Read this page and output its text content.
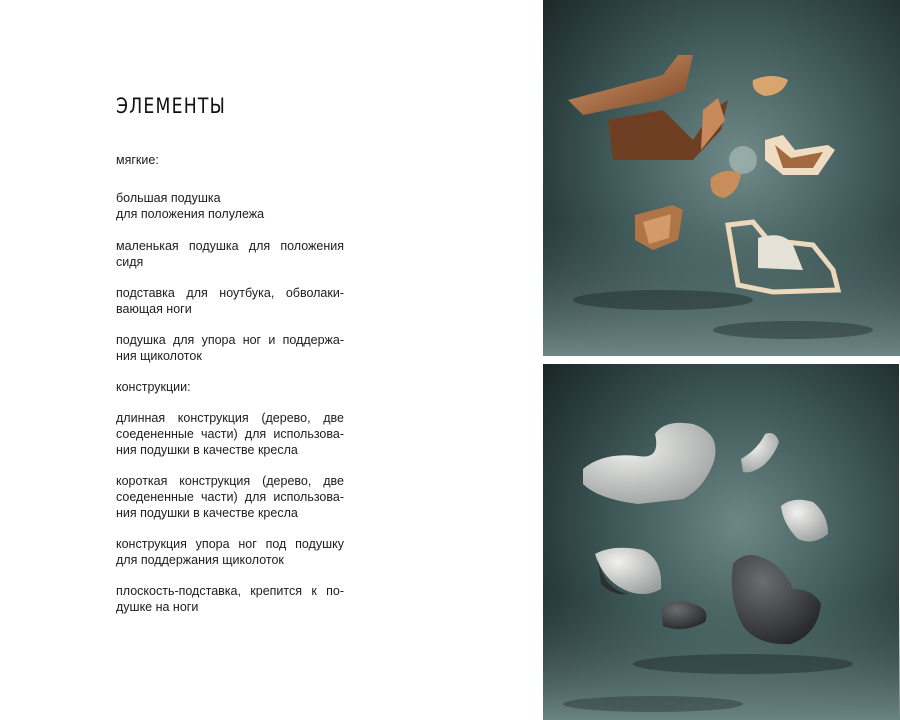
ЭЛЕМЕНТЫ

мягкие:

большая подушка
для положения полулежа

маленькая подушка для положения сидя

подставка для ноутбука, обволаки-вающая ноги

подушка для упора ног и поддержа-ния щиколоток

конструкции:

длинная конструкция (дерево, две соедененные части) для использова-ния подушки в качестве кресла

короткая конструкция (дерево, две соедененные части) для использова-ния подушки в качестве кресла

конструкция упора ног под подушку для поддержания щиколоток

плоскость-подставка, крепится к по-душке на ноги
